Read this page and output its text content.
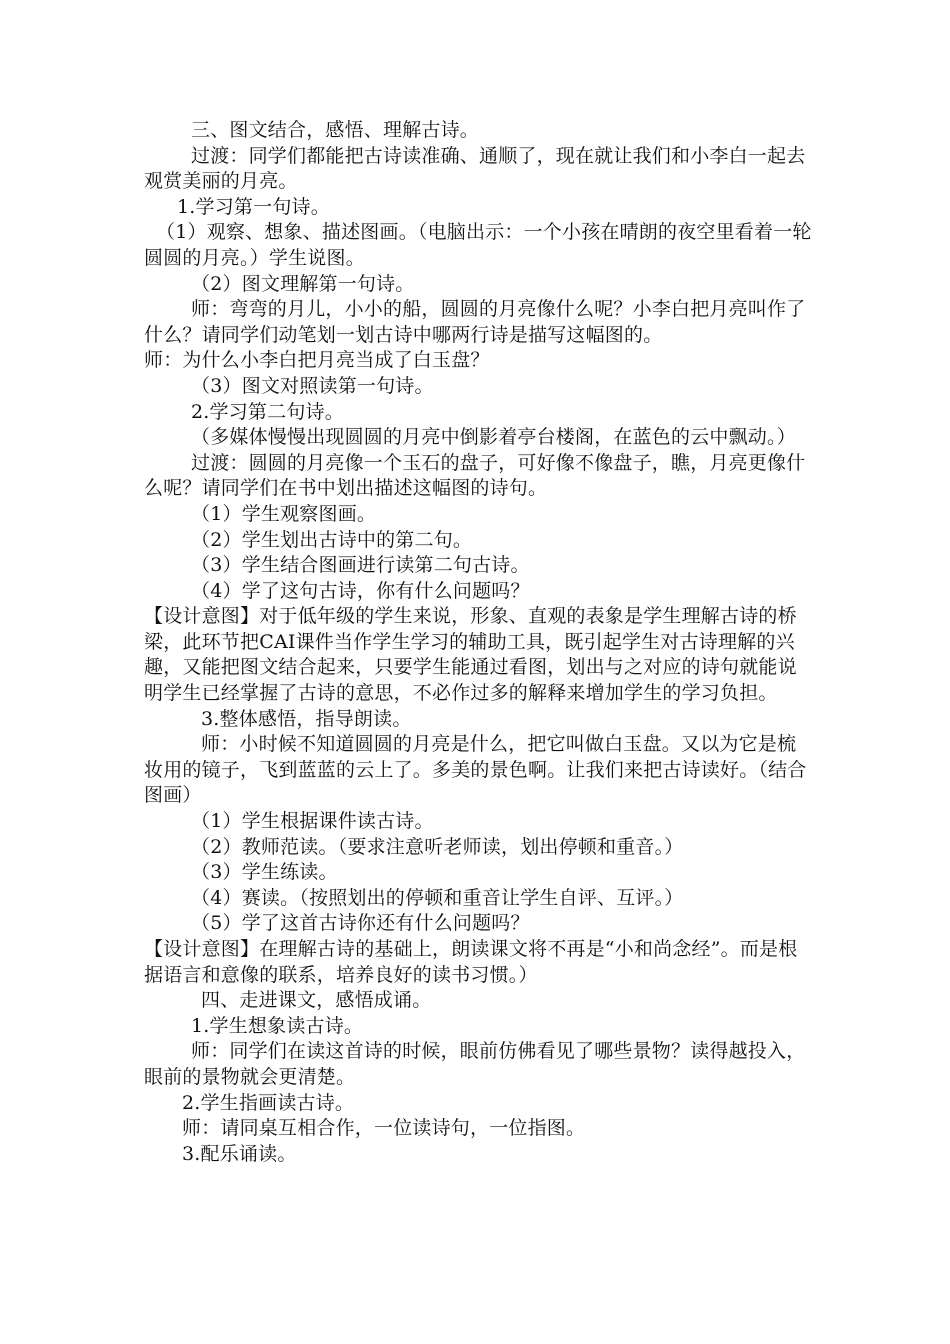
三、图文结合，感悟、理解古诗。

过渡：同学们都能把古诗读准确、通顺了，现在就让我们和小李白一起去观赏美丽的月亮。

1.学习第一句诗。

（1）观察、想象、描述图画。（电脑出示：一个小孩在晴朗的夜空里看着一轮圆圆的月亮。）学生说图。

（2）图文理解第一句诗。

师：弯弯的月儿，小小的船，圆圆的月亮像什么呢？小李白把月亮叫作了什么？请同学们动笔划一划古诗中哪两行诗是描写这幅图的。

师：为什么小李白把月亮当成了白玉盘？

（3）图文对照读第一句诗。

2.学习第二句诗。

（多媒体慢慢出现圆圆的月亮中倒影着亭台楼阁，在蓝色的云中飘动。）

过渡：圆圆的月亮像一个玉石的盘子，可好像不像盘子，瞧，月亮更像什么呢？请同学们在书中划出描述这幅图的诗句。

（1）学生观察图画。

（2）学生划出古诗中的第二句。

（3）学生结合图画进行读第二句古诗。

（4）学了这句古诗，你有什么问题吗？

【设计意图】对于低年级的学生来说，形象、直观的表象是学生理解古诗的桥梁，此环节把CAI课件当作学生学习的辅助工具，既引起学生对古诗理解的兴趣，又能把图文结合起来，只要学生能通过看图，划出与之对应的诗句就能说明学生已经掌握了古诗的意思，不必作过多的解释来增加学生的学习负担。

3.整体感悟，指导朗读。

师：小时候不知道圆圆的月亮是什么，把它叫做白玉盘。又以为它是梳妆用的镜子，飞到蓝蓝的云上了。多美的景色啊。让我们来把古诗读好。（结合图画）

（1）学生根据课件读古诗。

（2）教师范读。（要求注意听老师读，划出停顿和重音。）

（3）学生练读。

（4）赛读。（按照划出的停顿和重音让学生自评、互评。）

（5）学了这首古诗你还有什么问题吗？

【设计意图】在理解古诗的基础上，朗读课文将不再是“小和尚念经”。而是根据语言和意像的联系，培养良好的读书习惯。）

四、走进课文，感悟成诵。

1.学生想象读古诗。

师：同学们在读这首诗的时候，眼前仿佛看见了哪些景物？读得越投入，眼前的景物就会更清楚。

2.学生指画读古诗。

师：请同桌互相合作，一位读诗句，一位指图。

3.配乐诵读。
